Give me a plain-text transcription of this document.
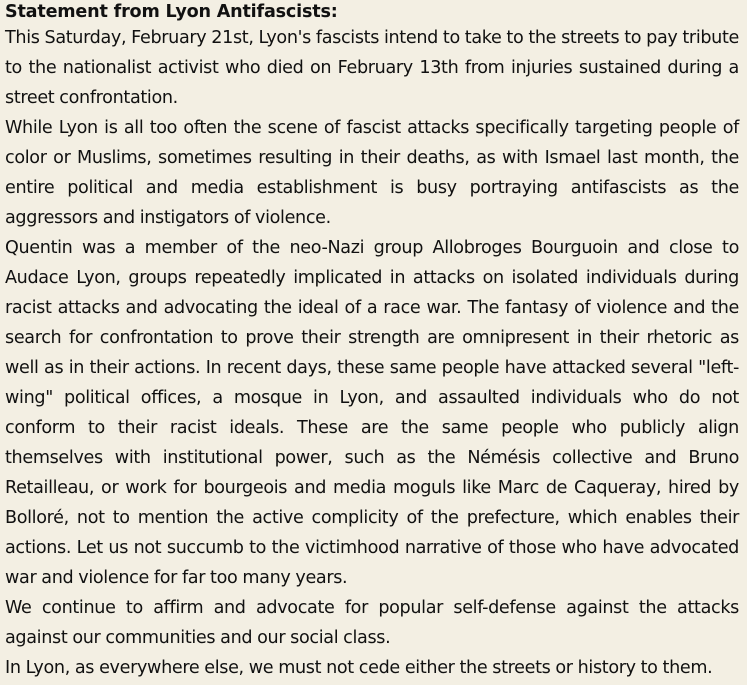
Statement from Lyon Antifascists:

This Saturday, February 21st, Lyon's fascists intend to take to the streets to pay tribute to the nationalist activist who died on February 13th from injuries sustained during a street confrontation.

While Lyon is all too often the scene of fascist attacks specifically targeting people of color or Muslims, sometimes resulting in their deaths, as with Ismael last month, the entire political and media establishment is busy portraying antifascists as the aggressors and instigators of violence.

Quentin was a member of the neo-Nazi group Allobroges Bourguoin and close to Audace Lyon, groups repeatedly implicated in attacks on isolated individuals during racist attacks and advocating the ideal of a race war. The fantasy of violence and the search for confrontation to prove their strength are omnipresent in their rhetoric as well as in their actions. In recent days, these same people have attacked several "left-wing" political offices, a mosque in Lyon, and assaulted individuals who do not conform to their racist ideals. These are the same people who publicly align themselves with institutional power, such as the Némésis collective and Bruno Retailleau, or work for bourgeois and media moguls like Marc de Caqueray, hired by Bolloré, not to mention the active complicity of the prefecture, which enables their actions. Let us not succumb to the victimhood narrative of those who have advocated war and violence for far too many years.

We continue to affirm and advocate for popular self-defense against the attacks against our communities and our social class.

In Lyon, as everywhere else, we must not cede either the streets or history to them.
